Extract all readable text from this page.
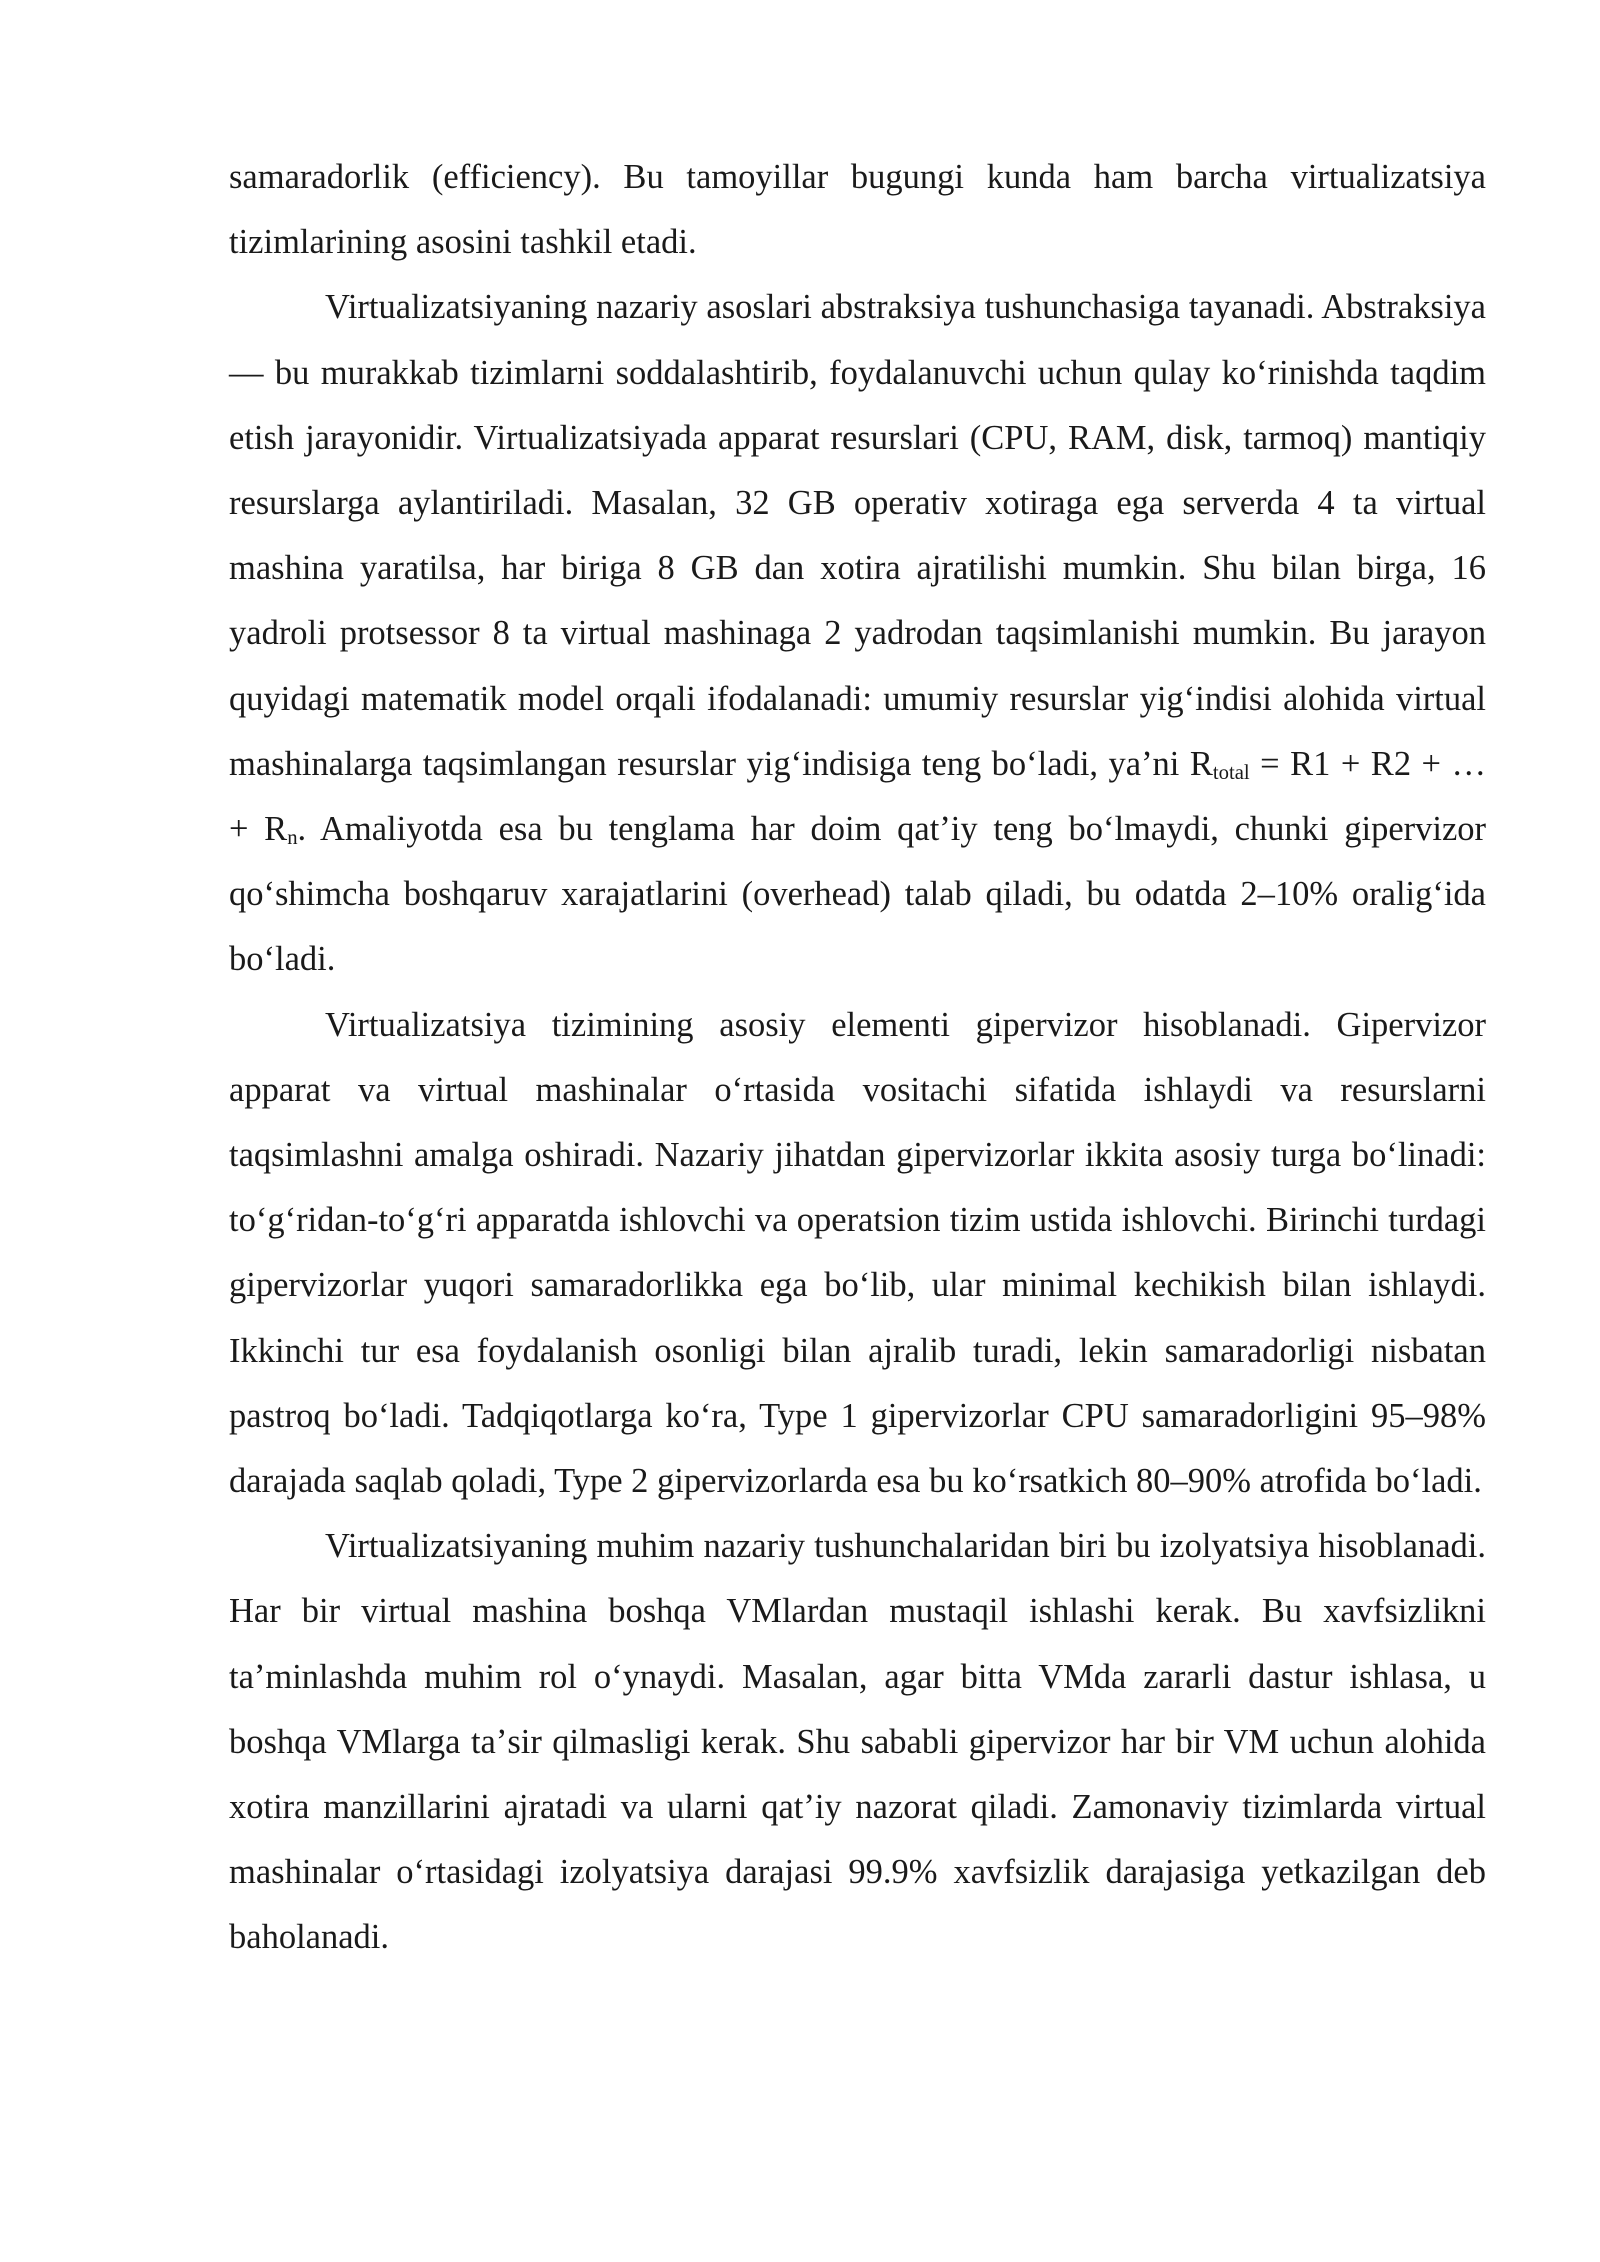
samaradorlik (efficiency). Bu tamoyillar bugungi kunda ham barcha virtualizatsiya tizimlarining asosini tashkil etadi.

Virtualizatsiyaning nazariy asoslari abstraksiya tushunchasiga tayanadi. Abstraksiya — bu murakkab tizimlarni soddalashtirib, foydalanuvchi uchun qulay koʻrinishda taqdim etish jarayonidir. Virtualizatsiyada apparat resurslari (CPU, RAM, disk, tarmoq) mantiqiy resurslarga aylantiriladi. Masalan, 32 GB operativ xotiraga ega serverda 4 ta virtual mashina yaratilsa, har biriga 8 GB dan xotira ajratilishi mumkin. Shu bilan birga, 16 yadroli protsessor 8 ta virtual mashinaga 2 yadrodan taqsimlanishi mumkin. Bu jarayon quyidagi matematik model orqali ifodalanadi: umumiy resurslar yigʻindisi alohida virtual mashinalarga taqsimlangan resurslar yigʻindisiga teng boʻladi, yaʼni $R_{total} = R1 + R2$ + … + $R_n$. Amaliyotda esa bu tenglama har doim qatʼiy teng boʻlmaydi, chunki gipervizor qoʻshimcha boshqaruv xarajatlarini (overhead) talab qiladi, bu odatda 2–10% oraligʻida boʻladi.

Virtualizatsiya tizimining asosiy elementi gipervizor hisoblanadi. Gipervizor apparat va virtual mashinalar oʻrtasida vositachi sifatida ishlaydi va resurslarni taqsimlashni amalga oshiradi. Nazariy jihatdan gipervizorlar ikkita asosiy turga boʻlinadi: toʻgʻridan-toʻgʻri apparatda ishlovchi va operatsion tizim ustida ishlovchi. Birinchi turdagi gipervizorlar yuqori samaradorlikka ega boʻlib, ular minimal kechikish bilan ishlaydi. Ikkinchi tur esa foydalanish osonligi bilan ajralib turadi, lekin samaradorligi nisbatan pastroq boʻladi. Tadqiqotlarga koʻra, Type 1 gipervizorlar CPU samaradorligini 95–98% darajada saqlab qoladi, Type 2 gipervizorlarda esa bu koʻrsatkich 80–90% atrofida boʻladi.

Virtualizatsiyaning muhim nazariy tushunchalaridan biri bu izolyatsiya hisoblanadi. Har bir virtual mashina boshqa VMlardan mustaqil ishlashi kerak. Bu xavfsizlikni taʼminlashda muhim rol oʻynaydi. Masalan, agar bitta VMda zararli dastur ishlasa, u boshqa VMlarga taʼsir qilmasligi kerak. Shu sababli gipervizor har bir VM uchun alohida xotira manzillarini ajratadi va ularni qatʼiy nazorat qiladi. Zamonaviy tizimlarda virtual mashinalar oʻrtasidagi izolyatsiya darajasi 99.9% xavfsizlik darajasiga yetkazilgan deb baholanadi.
